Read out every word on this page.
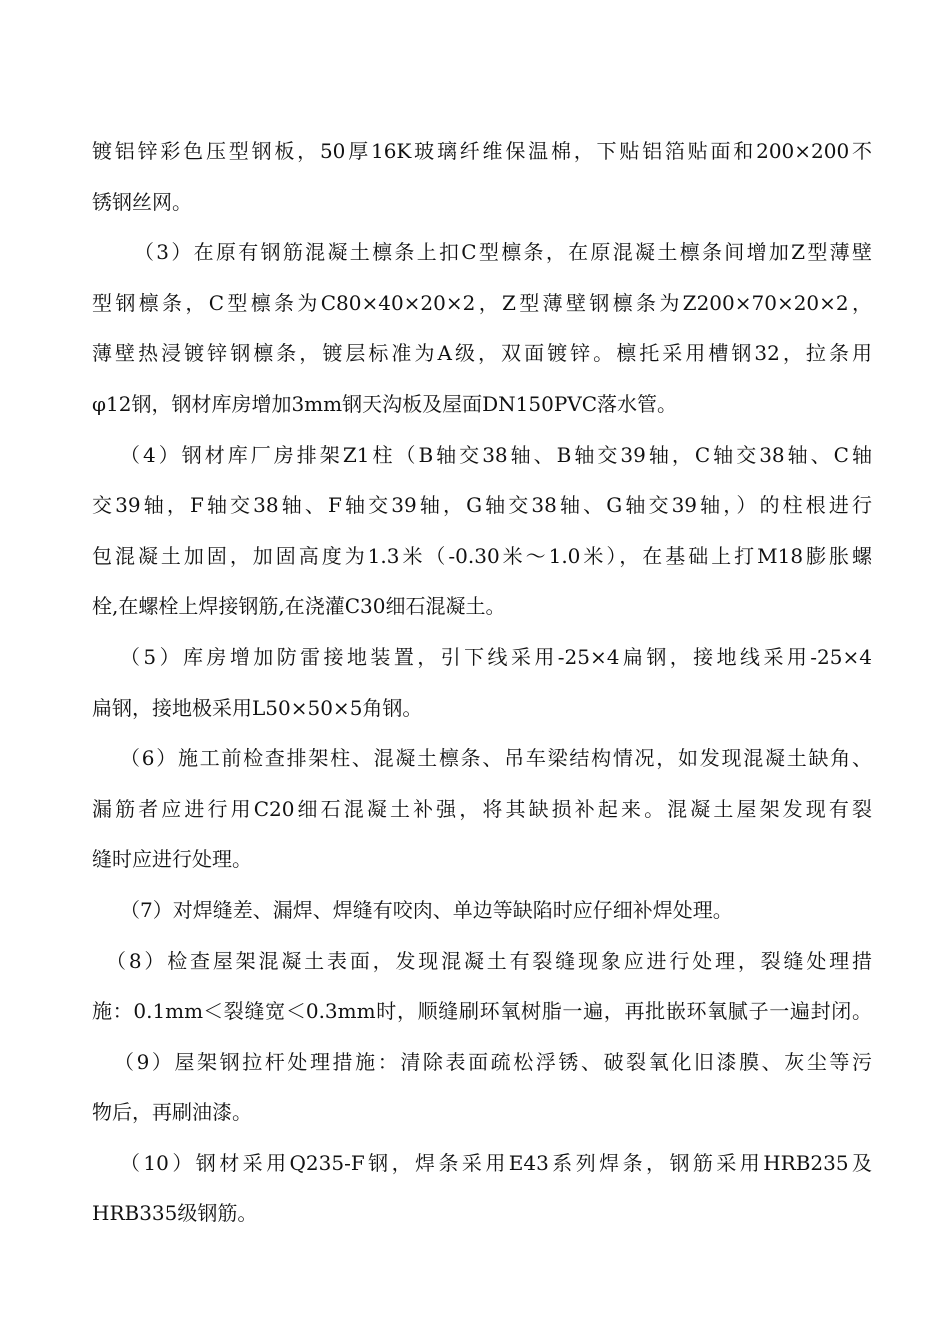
镀铝锌彩色压型钢板，50厚16K玻璃纤维保温棉，下贴铝箔贴面和200×200不
锈钢丝网。
（3）在原有钢筋混凝土檩条上扣C型檩条，在原混凝土檩条间增加Z型薄壁
型钢檩条，C型檩条为C80×40×20×2，Z型薄壁钢檩条为Z200×70×20×2，
薄壁热浸镀锌钢檩条，镀层标准为A级，双面镀锌。檩托采用槽钢32，拉条用
φ12钢，钢材库房增加3mm钢天沟板及屋面DN150PVC落水管。
（4）钢材库厂房排架Z1柱（B轴交38轴、B轴交39轴，C轴交38轴、C轴
交39轴，F轴交38轴、F轴交39轴，G轴交38轴、G轴交39轴，）的柱根进行
包混凝土加固，加固高度为1.3米（-0.30米～1.0米），在基础上打M18膨胀螺
栓,在螺栓上焊接钢筋,在浇灌C30细石混凝土。
（5）库房增加防雷接地装置，引下线采用-25×4扁钢，接地线采用-25×4
扁钢，接地极采用L50×50×5角钢。
（6）施工前检查排架柱、混凝土檩条、吊车梁结构情况，如发现混凝土缺角、
漏筋者应进行用C20细石混凝土补强，将其缺损补起来。混凝土屋架发现有裂
缝时应进行处理。
（7）对焊缝差、漏焊、焊缝有咬肉、单边等缺陷时应仔细补焊处理。
（8）检查屋架混凝土表面，发现混凝土有裂缝现象应进行处理，裂缝处理措
施：0.1mm＜裂缝宽＜0.3mm时，顺缝刷环氧树脂一遍，再批嵌环氧腻子一遍封闭。
（9）屋架钢拉杆处理措施：清除表面疏松浮锈、破裂氧化旧漆膜、灰尘等污
物后，再刷油漆。
（10）钢材采用Q235-F钢，焊条采用E43系列焊条，钢筋采用HRB235及
HRB335级钢筋。
